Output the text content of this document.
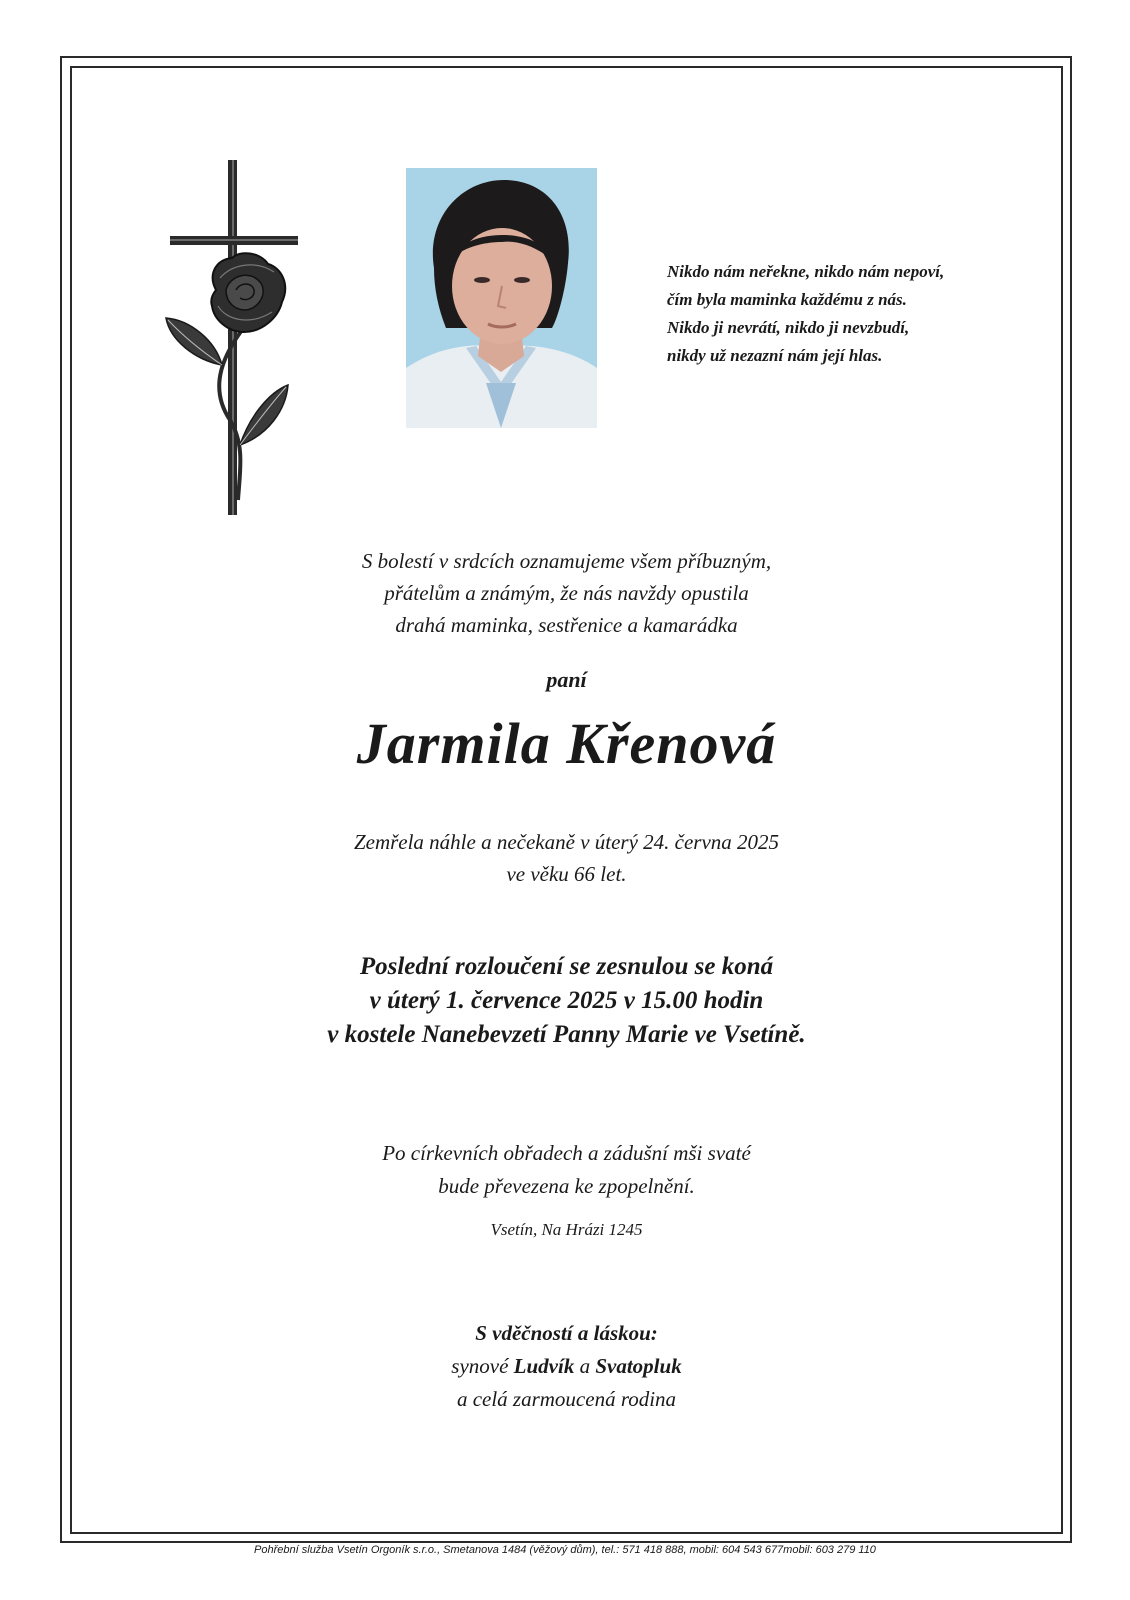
Nikdo nám neřekne, nikdo nám nepoví,

čím byla maminka každému z nás.

Nikdo ji nevrátí, nikdo ji nevzbudí,

nikdy už nezazní nám její hlas.

S bolestí v srdcích oznamujeme všem příbuzným,

přátelům a známým, že nás navždy opustila

drahá maminka, sestřenice a kamarádka

paní
Jarmila Křenová

Zemřela náhle a nečekaně v úterý 24. června 2025

ve věku 66 let.

Poslední rozloučení se zesnulou se koná

v úterý 1. července 2025 v 15.00 hodin

v kostele Nanebevzetí Panny Marie ve Vsetíně.

Po církevních obřadech a zádušní mši svaté

bude převezena ke zpopelnění.

Vsetín, Na Hrázi 1245

S vděčností a láskou:

synové Ludvík a Svatopluk

a celá zarmoucená rodina

Pohřební služba Vsetín Orgoník s.r.o., Smetanova 1484 (věžový dům), tel.: 571 418 888, mobil: 604 543 677mobil: 603 279 110
